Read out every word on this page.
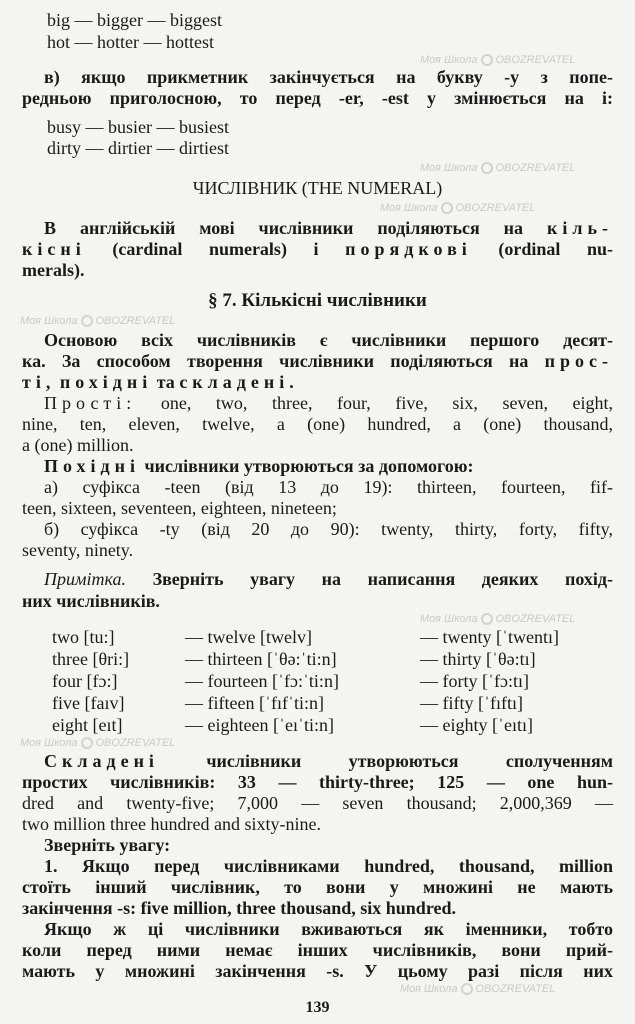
Моя Школа OBOZREVATEL
Моя Школа OBOZREVATEL
Моя Школа OBOZREVATEL
Моя Школа OBOZREVATEL
Моя Школа OBOZREVATEL
Моя Школа OBOZREVATEL
Моя Школа OBOZREVATEL
big — bigger — biggest
hot — hotter — hottest
в) якщо прикметник закінчується на букву -y з попе-
редньою приголосною, то перед -er, -est y змінюється на і:
busy — busier — busiest
dirty — dirtier — dirtiest
ЧИСЛІВНИК (THE NUMERAL)
В англійській мові числівники поділяються на кіль-
кісні (cardinal numerals) і порядкові (ordinal nu-
merals).
§ 7. Кількісні числівники
Основою всіх числівників є числівники першого десят-
ка. За способом творення числівники поділяються на прос-
ті, похідні та складені.
Прості: one, two, three, four, five, six, seven, eight,
nine, ten, eleven, twelve, a (one) hundred, a (one) thousand,
a (one) million.
Похідні числівники утворюються за допомогою:
а) суфікса -teen (від 13 до 19): thirteen, fourteen, fif-
teen, sixteen, seventeen, eighteen, nineteen;
б) суфікса -ty (від 20 до 90): twenty, thirty, forty, fifty,
seventy, ninety.
Примітка. Зверніть увагу на написання деяких похід-
них числівників.
two [tu:]	— twelve [twelv]	— twenty [ˈtwentı]
three [θri:]	— thirteen [ˈθə:ˈti:n]	— thirty [ˈθə:tı]
four [fɔ:]	— fourteen [ˈfɔ:ˈti:n]	— forty [ˈfɔ:tı]
five [faıv]	— fifteen [ˈfıfˈti:n]	— fifty [ˈfıftı]
eight [eıt]	— eighteen [ˈeıˈti:n]	— eighty [ˈeıtı]
Складені	числівники утворюються сполученням
простих числівників: 33 — thirty-three; 125 — one hun-
dred and twenty-five; 7,000 — seven thousand; 2,000,369 —
two million three hundred and sixty-nine.
Зверніть увагу:
1. Якщо перед числівниками hundred, thousand, million
стоїть інший числівник, то вони у множині не мають
закінчення -s: five million, three thousand, six hundred.
Якщо ж ці числівники вживаються як іменники, тобто
коли перед ними немає інших числівників, вони прий-
мають у множині закінчення -s. У цьому разі після них
139
